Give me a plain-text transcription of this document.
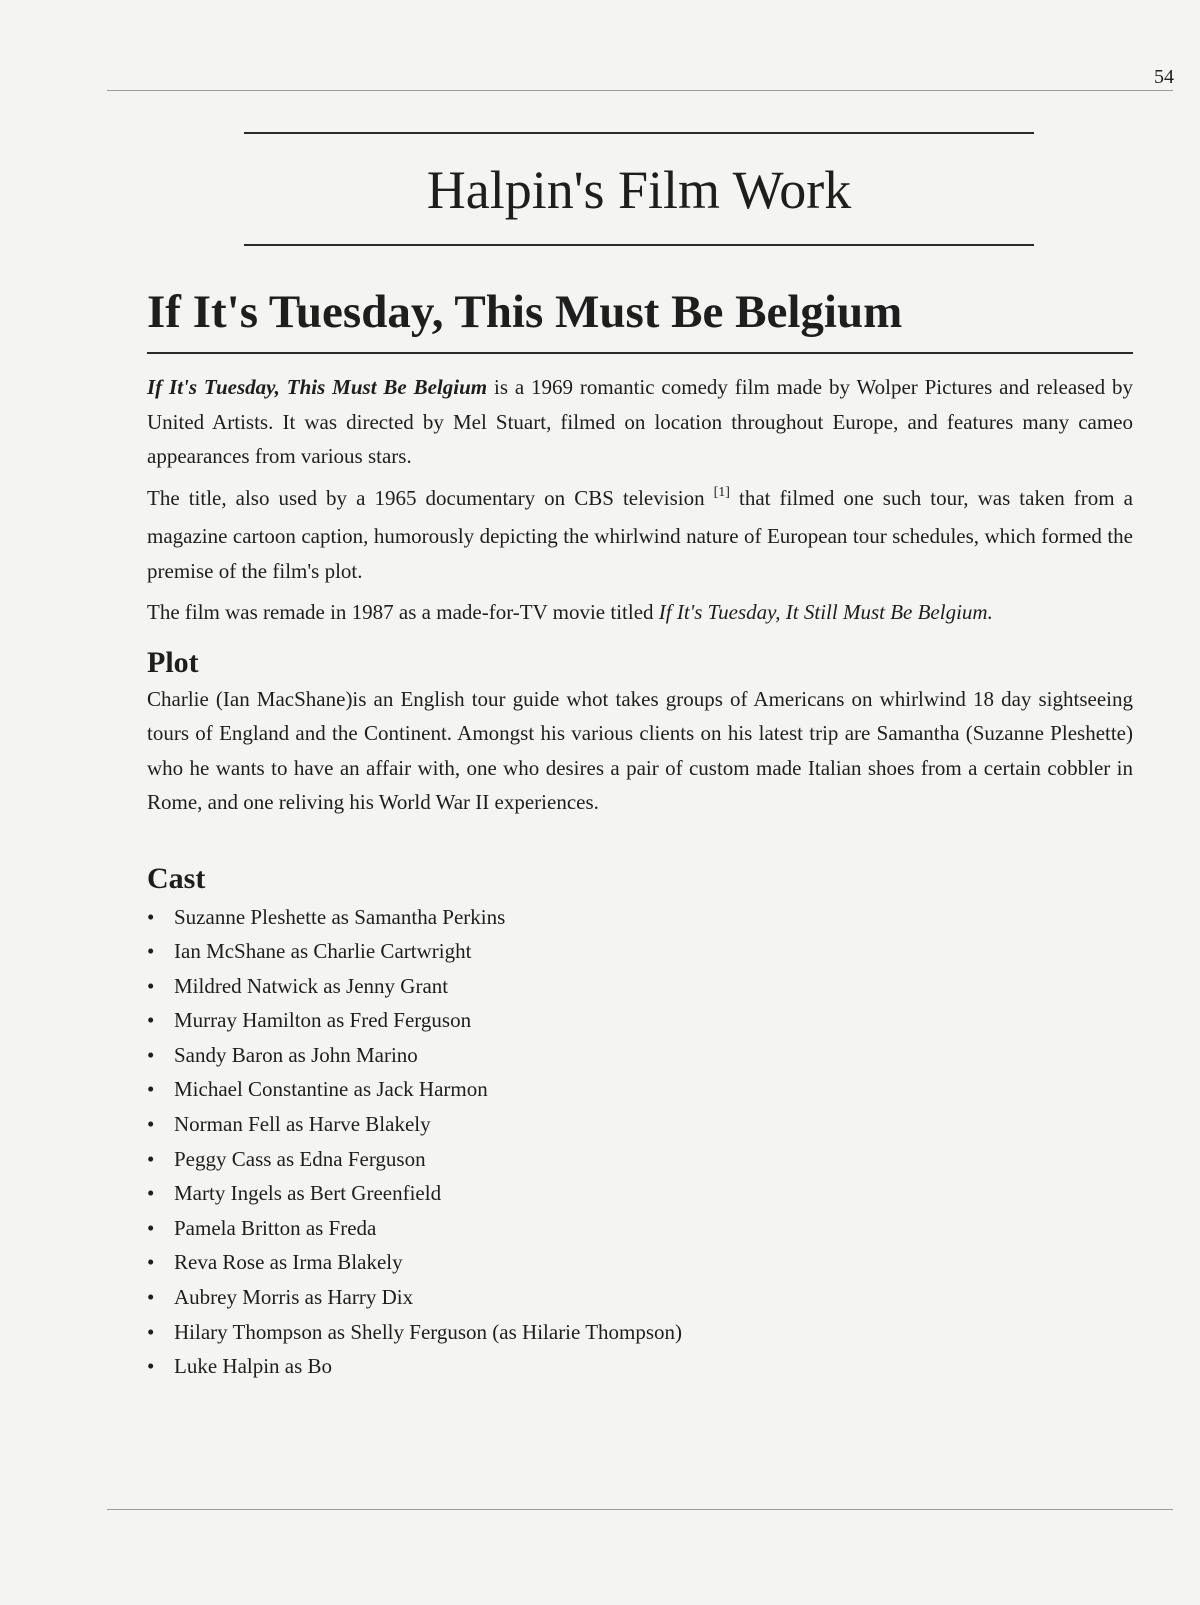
54
Halpin's Film Work
If It's Tuesday, This Must Be Belgium

If It's Tuesday, This Must Be Belgium is a 1969 romantic comedy film made by Wolper Pictures and released by United Artists. It was directed by Mel Stuart, filmed on location throughout Europe, and features many cameo appearances from various stars.

The title, also used by a 1965 documentary on CBS television [1] that filmed one such tour, was taken from a magazine cartoon caption, humorously depicting the whirlwind nature of European tour schedules, which formed the premise of the film's plot.

The film was remade in 1987 as a made-for-TV movie titled If It's Tuesday, It Still Must Be Belgium.

Plot

Charlie (Ian MacShane)is an English tour guide whot takes groups of Americans on whirlwind 18 day sightseeing tours of England and the Continent. Amongst his various clients on his latest trip are Samantha (Suzanne Pleshette) who he wants to have an affair with, one who desires a pair of custom made Italian shoes from a certain cobbler in Rome, and one reliving his World War II experiences.

Cast
• Suzanne Pleshette as Samantha Perkins
• Ian McShane as Charlie Cartwright
• Mildred Natwick as Jenny Grant
• Murray Hamilton as Fred Ferguson
• Sandy Baron as John Marino
• Michael Constantine as Jack Harmon
• Norman Fell as Harve Blakely
• Peggy Cass as Edna Ferguson
• Marty Ingels as Bert Greenfield
• Pamela Britton as Freda
• Reva Rose as Irma Blakely
• Aubrey Morris as Harry Dix
• Hilary Thompson as Shelly Ferguson (as Hilarie Thompson)
• Luke Halpin as Bo
